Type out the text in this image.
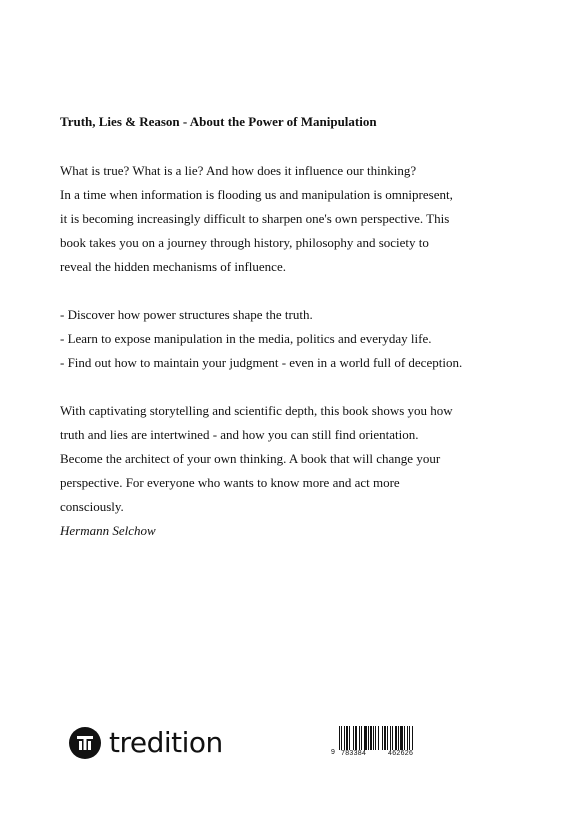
Truth, Lies & Reason - About the Power of Manipulation
What is true? What is a lie? And how does it influence our thinking?
In a time when information is flooding us and manipulation is omnipresent,
it is becoming increasingly difficult to sharpen one's own perspective. This
book takes you on a journey through history, philosophy and society to
reveal the hidden mechanisms of influence.
- Discover how power structures shape the truth.
- Learn to expose manipulation in the media, politics and everyday life.
- Find out how to maintain your judgment - even in a world full of deception.
With captivating storytelling and scientific depth, this book shows you how
truth and lies are intertwined - and how you can still find orientation.
Become the architect of your own thinking. A book that will change your
perspective. For everyone who wants to know more and act more
consciously.
Hermann Selchow
tredition	9 783384	462626
